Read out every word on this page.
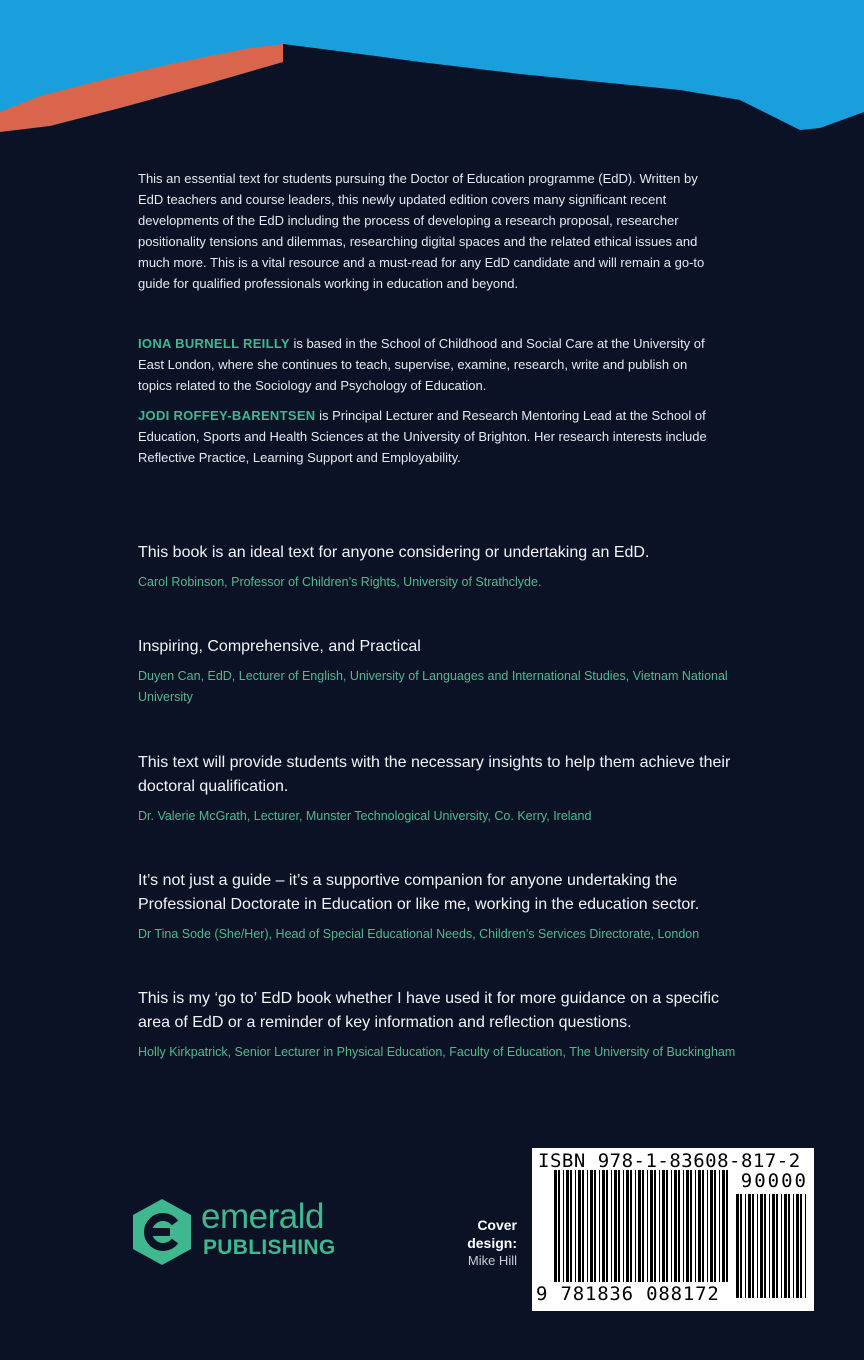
This an essential text for students pursuing the Doctor of Education programme (EdD). Written by EdD teachers and course leaders, this newly updated edition covers many significant recent developments of the EdD including the process of developing a research proposal, researcher positionality tensions and dilemmas, researching digital spaces and the related ethical issues and much more. This is a vital resource and a must-read for any EdD candidate and will remain a go-to guide for qualified professionals working in education and beyond.

IONA BURNELL REILLY is based in the School of Childhood and Social Care at the University of East London, where she continues to teach, supervise, examine, research, write and publish on topics related to the Sociology and Psychology of Education.

JODI ROFFEY-BARENTSEN is Principal Lecturer and Research Mentoring Lead at the School of Education, Sports and Health Sciences at the University of Brighton. Her research interests include Reflective Practice, Learning Support and Employability.

This book is an ideal text for anyone considering or undertaking an EdD.

Carol Robinson, Professor of Children’s Rights, University of Strathclyde.

Inspiring, Comprehensive, and Practical

Duyen Can, EdD, Lecturer of English, University of Languages and International Studies, Vietnam National University

This text will provide students with the necessary insights to help them achieve their doctoral qualification.

Dr. Valerie McGrath, Lecturer, Munster Technological University, Co. Kerry, Ireland

It’s not just a guide – it’s a supportive companion for anyone undertaking the Professional Doctorate in Education or like me, working in the education sector.

Dr Tina Sode (She/Her), Head of Special Educational Needs, Children’s Services Directorate, London

This is my ‘go to’ EdD book whether I have used it for more guidance on a specific area of EdD or a reminder of key information and reflection questions.

Holly Kirkpatrick, Senior Lecturer in Physical Education, Faculty of Education, The University of Buckingham

emerald
PUBLISHING
Cover design:
Mike Hill
ISBN 978-1-83608-817-2
90000
9 781836 088172
